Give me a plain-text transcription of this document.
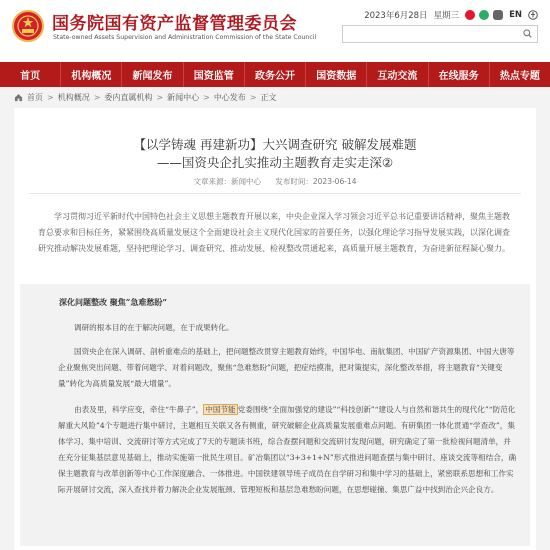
国务院国有资产监督管理委员会
State-owned Assets Supervision and Administration Commission of the State Council
2023年6月28日 星期三	EN
首页	机构概况	新闻发布	国资监管	政务公开	国资数据	互动交流	在线服务	热点专题
首页 > 机构概况 > 委内直属机构 > 新闻中心 > 中心发布 > 正文
【以学铸魂 再建新功】大兴调查研究 破解发展难题
——国资央企扎实推动主题教育走实走深②
文章来源：新闻中心 发布时间：2023-06-14

学习贯彻习近平新时代中国特色社会主义思想主题教育开展以来，中央企业深入学习领会习近平总书记重要讲话精神，聚焦主题教育总要求和目标任务，紧紧围绕高质量发展这个全面建设社会主义现代化国家的首要任务，以强化理论学习指导发展实践，以深化调查研究推动解决发展难题，坚持把理论学习、调查研究、推动发展、检视整改贯通起来，高质量开展主题教育，为奋进新征程凝心聚力。

深化问题整改 聚焦“急难愁盼”

调研的根本目的在于解决问题，在于成果转化。

国资央企在深入调研、剖析重难点的基础上，把问题整改贯穿主题教育始终，中国华电、南航集团、中国矿产资源集团、中国大唐等企业聚焦突出问题、带着问题学、对着问题改，聚焦“急难愁盼”问题，把症结摸准，把对策提实，深化整改举措，将主题教育“关键变量”转化为高质量发展“最大增量”。

由表及里，科学应变，牵住“牛鼻子”， 中国节能 党委围绕“全面加强党的建设”“科技创新”“建设人与自然和谐共生的现代化”“防范化解重大风险”4个专题进行集中研讨，主题相互关联又各有侧重，研究破解企业高质量发展重难点问题。有研集团一体化贯通“学查改”，集体学习、集中培训、交流研讨等方式完成了7天的专题读书班，综合查摆问题和交流研讨发现问题，研究确定了第一批检视问题清单，并在充分征集基层意见基础上，推动实施第一批民生项目。矿冶集团以“3+3+1+N”形式推进问题查摆与集中研讨、座谈交流等相结合，确保主题教育与改革创新等中心工作深度融合、一体推进。中国铁建领导班子成员在自学研习和集中学习的基础上，紧密联系思想和工作实际开展研讨交流，深入查找并着力解决企业发展瓶颈、管理短板和基层急难愁盼问题，在思想碰撞、集思广益中找到治企兴企良方。
